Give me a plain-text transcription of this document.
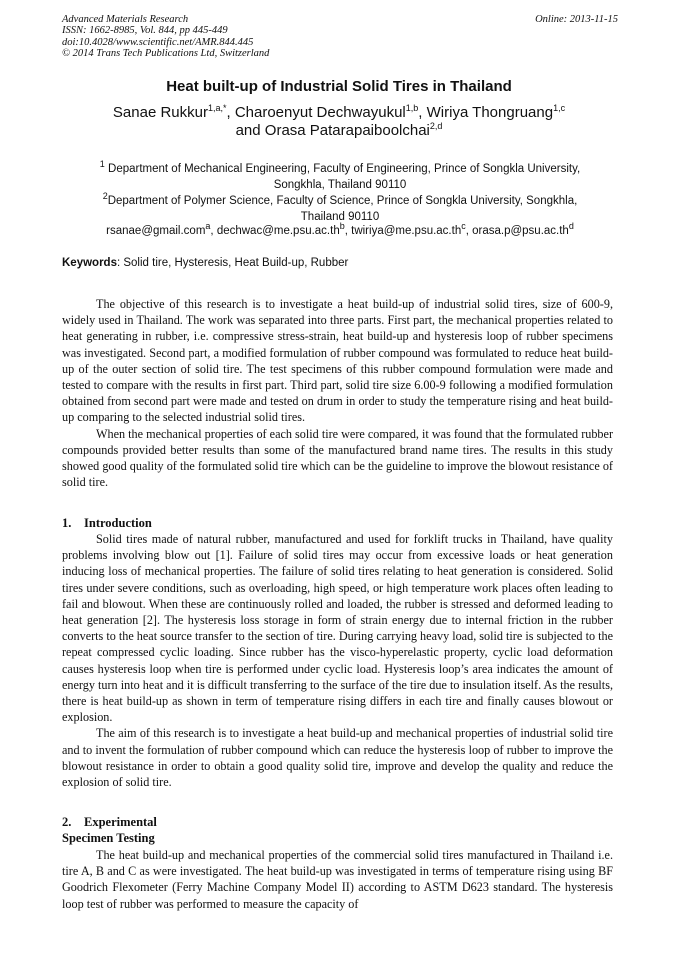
Advanced Materials Research
ISSN: 1662-8985, Vol. 844, pp 445-449
doi:10.4028/www.scientific.net/AMR.844.445
© 2014 Trans Tech Publications Ltd, Switzerland
Online: 2013-11-15
Heat built-up of Industrial Solid Tires in Thailand
Sanae Rukkur$^{1,a,*}$, Charoenyut Dechwayukul$^{1,b}$, Wiriya Thongruang$^{1,c}$
and Orasa Patarapaiboolchai$^{2,d}$
$^1$ Department of Mechanical Engineering, Faculty of Engineering, Prince of Songkla University,
Songkhla, Thailand 90110
$^2$Department of Polymer Science, Faculty of Science, Prince of Songkla University, Songkhla,
Thailand 90110
rsanae@gmail.com$^a$, $dechwac@me.psu.ac.th^b$, $twiriya@me.psu.ac.th^c$, $orasa.p@psu.ac.th^d$
Keywords: Solid tire, Hysteresis, Heat Build-up, Rubber

The objective of this research is to investigate a heat build-up of industrial solid tires, size of 600-9, widely used in Thailand. The work was separated into three parts. First part, the mechanical properties related to heat generating in rubber, i.e. compressive stress-strain, heat build-up and hysteresis loop of rubber specimens was investigated. Second part, a modified formulation of rubber compound was formulated to reduce heat build-up of the outer section of solid tire. The test specimens of this rubber compound formulation were made and tested to compare with the results in first part. Third part, solid tire size 6.00-9 following a modified formulation obtained from second part were made and tested on drum in order to study the temperature rising and heat build-up comparing to the selected industrial solid tires.

When the mechanical properties of each solid tire were compared, it was found that the formulated rubber compounds provided better results than some of the manufactured brand name tires. The results in this study showed good quality of the formulated solid tire which can be the guideline to improve the blowout resistance of solid tire.

1. Introduction

Solid tires made of natural rubber, manufactured and used for forklift trucks in Thailand, have quality problems involving blow out [1]. Failure of solid tires may occur from excessive loads or heat generation inducing loss of mechanical properties. The failure of solid tires relating to heat generation is considered. Solid tires under severe conditions, such as overloading, high speed, or high temperature work places often leading to fail and blowout. When these are continuously rolled and loaded, the rubber is stressed and deformed leading to heat generation [2]. The hysteresis loss storage in form of strain energy due to internal friction in the rubber converts to the heat source transfer to the section of tire. During carrying heavy load, solid tire is subjected to the repeat compressed cyclic loading. Since rubber has the visco-hyperelastic property, cyclic load deformation causes hysteresis loop when tire is performed under cyclic load. Hysteresis loop’s area indicates the amount of energy turn into heat and it is difficult transferring to the surface of the tire due to insulation itself. As the results, there is heat build-up as shown in term of temperature rising differs in each tire and finally causes blowout or explosion.

The aim of this research is to investigate a heat build-up and mechanical properties of industrial solid tire and to invent the formulation of rubber compound which can reduce the hysteresis loop of rubber to improve the blowout resistance in order to obtain a good quality solid tire, improve and develop the quality and reduce the explosion of solid tire.

2. Experimental
Specimen Testing

The heat build-up and mechanical properties of the commercial solid tires manufactured in Thailand i.e. tire A, B and C as were investigated. The heat build-up was investigated in terms of temperature rising using BF Goodrich Flexometer (Ferry Machine Company Model II) according to ASTM D623 standard. The hysteresis loop test of rubber was performed to measure the capacity of
